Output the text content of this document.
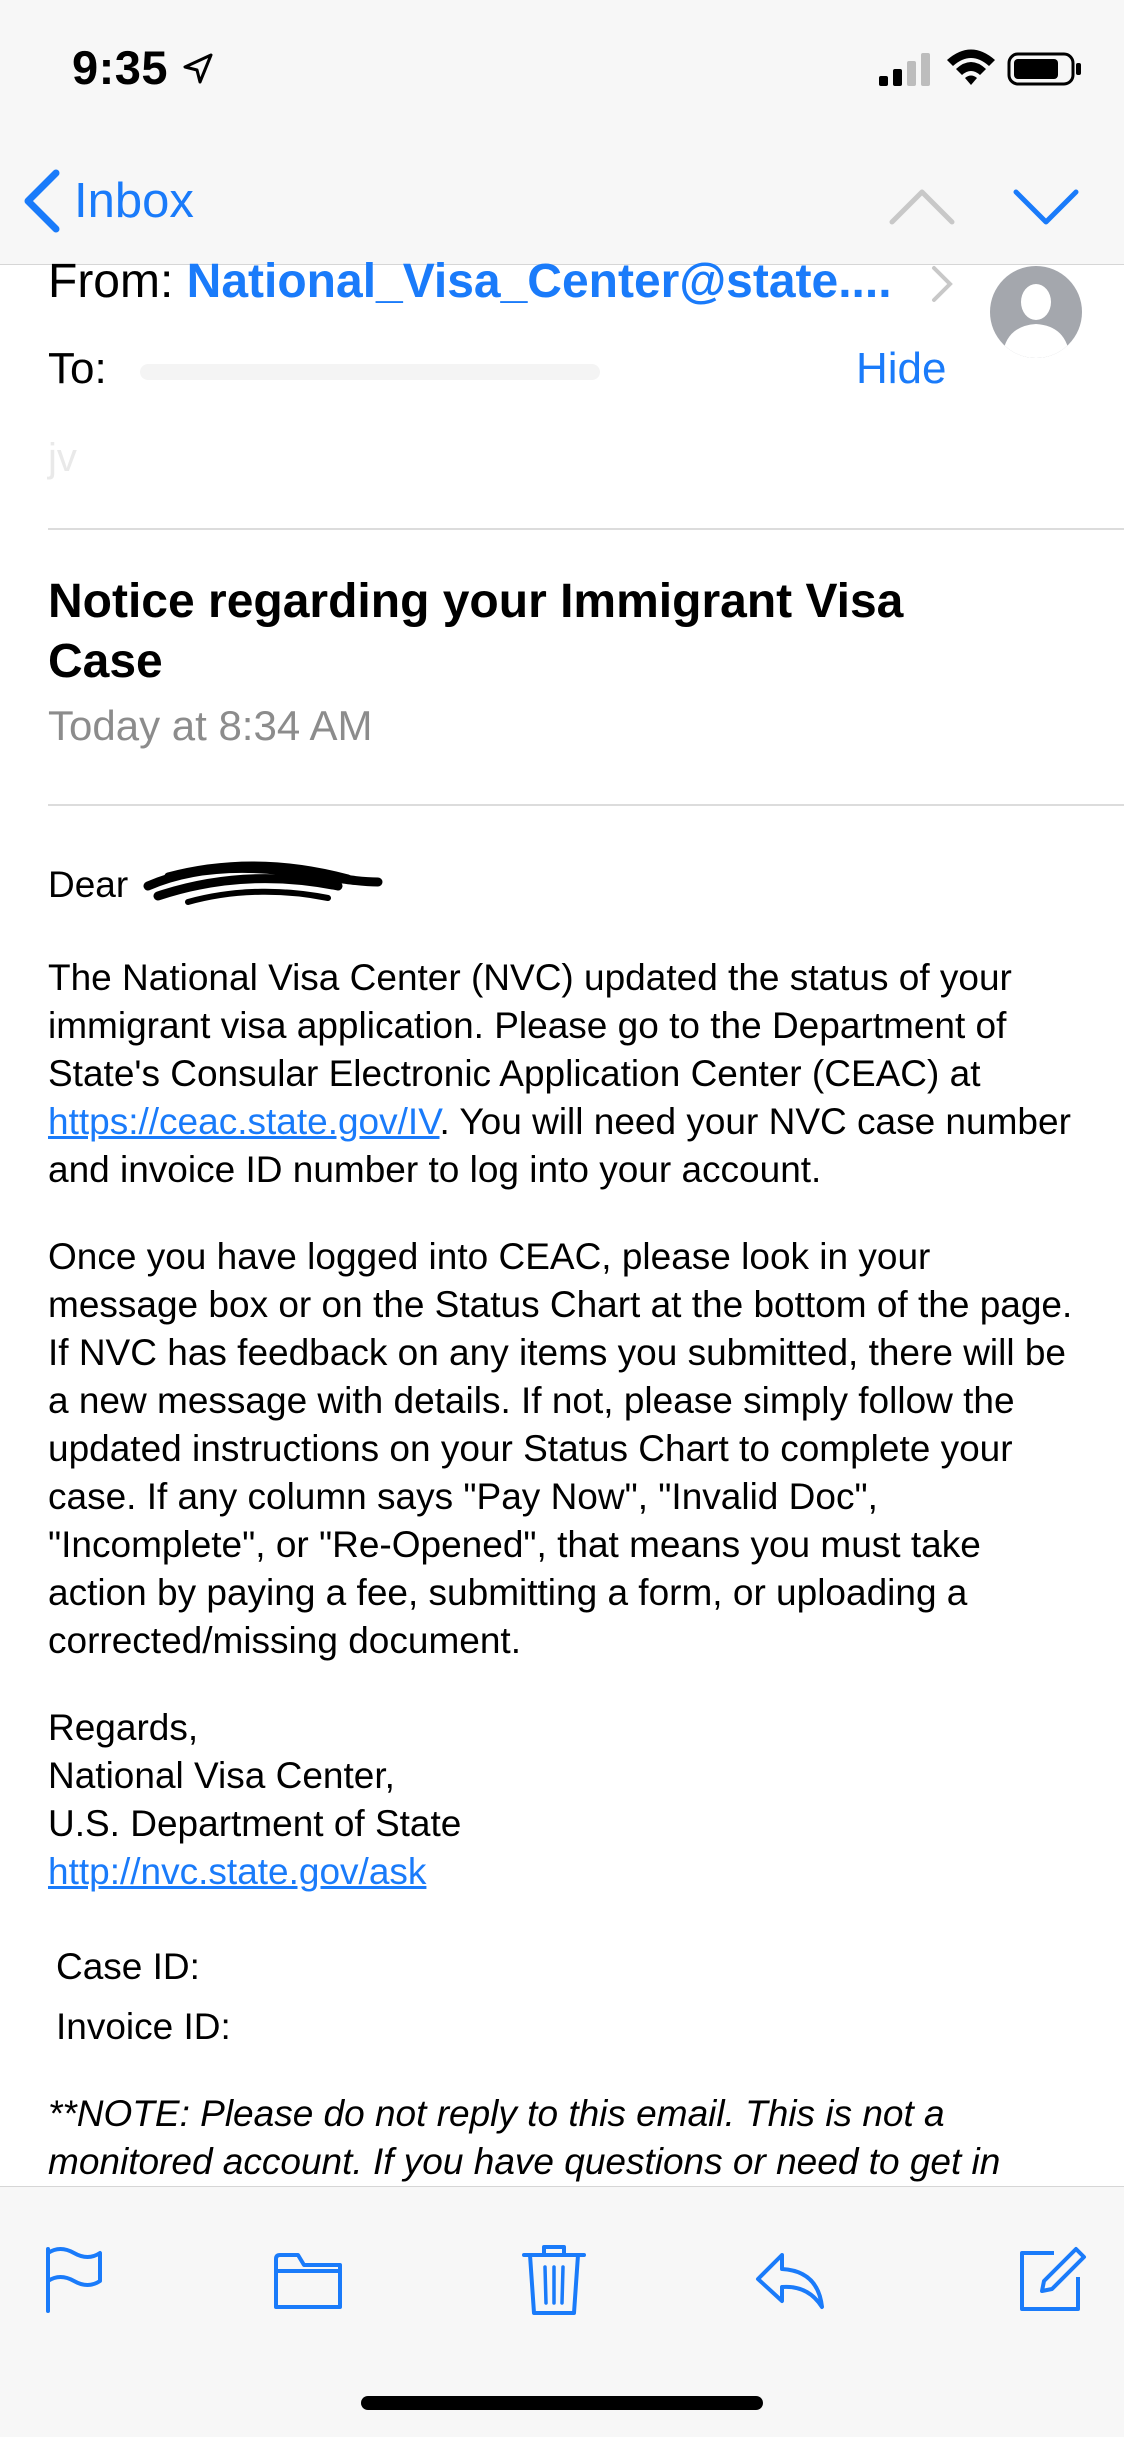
9:35
Inbox
From: National_Visa_Center@state....
To:	Hide
jv
Notice regarding your Immigrant Visa Case
Today at 8:34 AM
Dear

The National Visa Center (NVC) updated the status of your immigrant visa application. Please go to the Department of State's Consular Electronic Application Center (CEAC) at https://ceac.state.gov/IV. You will need your NVC case number and invoice ID number to log into your account.

Once you have logged into CEAC, please look in your message box or on the Status Chart at the bottom of the page. If NVC has feedback on any items you submitted, there will be a new message with details. If not, please simply follow the updated instructions on your Status Chart to complete your case. If any column says "Pay Now", "Invalid Doc", "Incomplete", or "Re-Opened", that means you must take action by paying a fee, submitting a form, or uploading a corrected/missing document.

Regards,
National Visa Center,
U.S. Department of State
http://nvc.state.gov/ask
Case ID:
Invoice ID:
**NOTE: Please do not reply to this email. This is not a monitored account. If you have questions or need to get in
